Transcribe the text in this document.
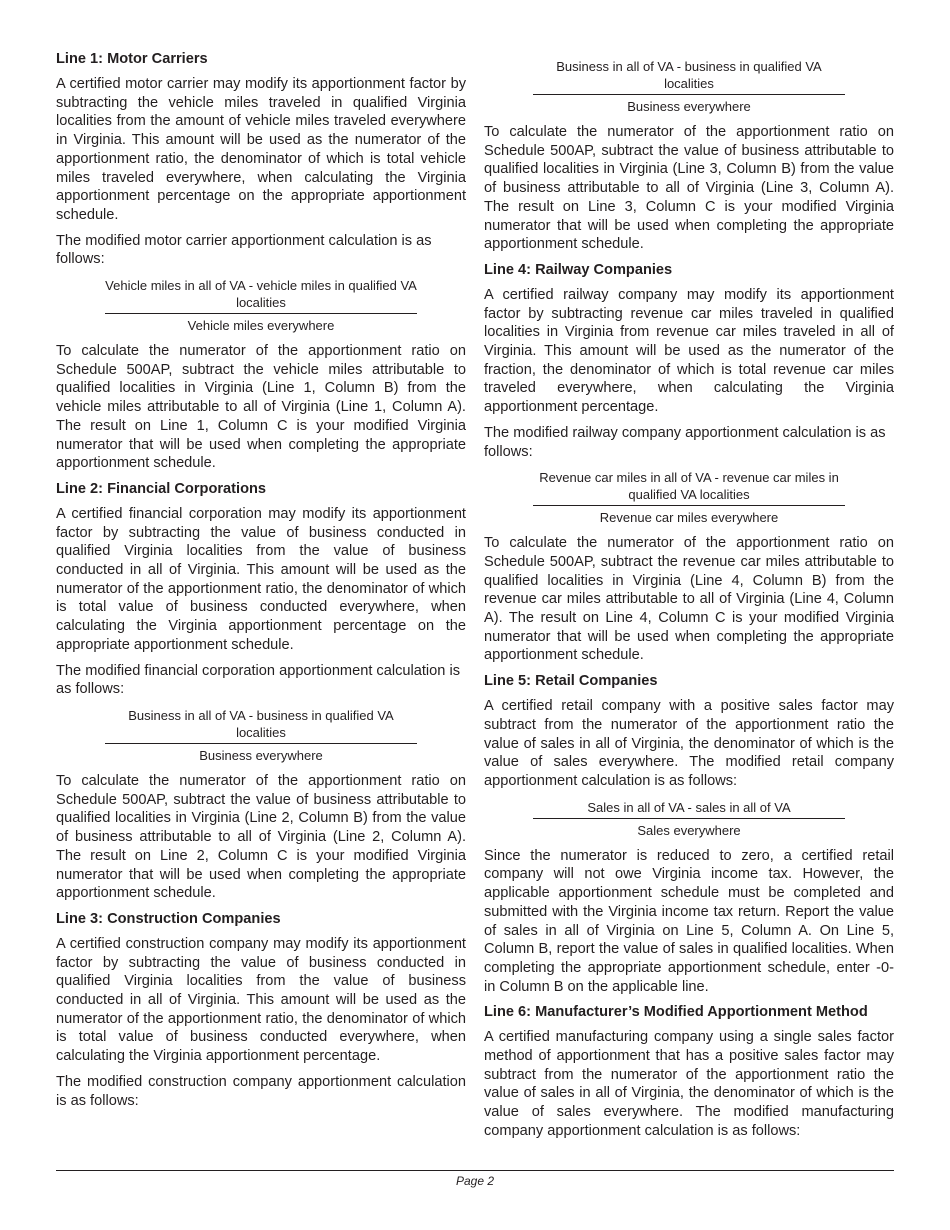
Line 1: Motor Carriers

A certified motor carrier may modify its apportionment factor by subtracting the vehicle miles traveled in qualified Virginia localities from the amount of vehicle miles traveled everywhere in Virginia. This amount will be used as the numerator of the apportionment ratio, the denominator of which is total vehicle miles traveled everywhere, when calculating the Virginia apportionment percentage on the appropriate apportionment schedule.

The modified motor carrier apportionment calculation is as follows:

Vehicle miles in all of VA - vehicle miles in qualified VA localities
Vehicle miles everywhere

To calculate the numerator of the apportionment ratio on Schedule 500AP, subtract the vehicle miles attributable to qualified localities in Virginia (Line 1, Column B) from the vehicle miles attributable to all of Virginia (Line 1, Column A). The result on Line 1, Column C is your modified Virginia numerator that will be used when completing the appropriate apportionment schedule.

Line 2: Financial Corporations

A certified financial corporation may modify its apportionment factor by subtracting the value of business conducted in qualified Virginia localities from the value of business conducted in all of Virginia. This amount will be used as the numerator of the apportionment ratio, the denominator of which is total value of business conducted everywhere, when calculating the Virginia apportionment percentage on the appropriate apportionment schedule.

The modified financial corporation apportionment calculation is as follows:

Business in all of VA - business in qualified VA localities
Business everywhere

To calculate the numerator of the apportionment ratio on Schedule 500AP, subtract the value of business attributable to qualified localities in Virginia (Line 2, Column B) from the value of business attributable to all of Virginia (Line 2, Column A). The result on Line 2, Column C is your modified Virginia numerator that will be used when completing the appropriate apportionment schedule.

Line 3: Construction Companies

A certified construction company may modify its apportionment factor by subtracting the value of business conducted in qualified Virginia localities from the value of business conducted in all of Virginia. This amount will be used as the numerator of the apportionment ratio, the denominator of which is total value of business conducted everywhere, when calculating the Virginia apportionment percentage.

The modified construction company apportionment calculation is as follows:

Business in all of VA - business in qualified VA localities
Business everywhere

To calculate the numerator of the apportionment ratio on Schedule 500AP, subtract the value of business attributable to qualified localities in Virginia (Line 3, Column B) from the value of business attributable to all of Virginia (Line 3, Column A). The result on Line 3, Column C is your modified Virginia numerator that will be used when completing the appropriate apportionment schedule.

Line 4: Railway Companies

A certified railway company may modify its apportionment factor by subtracting revenue car miles traveled in qualified localities in Virginia from revenue car miles traveled in all of Virginia. This amount will be used as the numerator of the fraction, the denominator of which is total revenue car miles traveled everywhere, when calculating the Virginia apportionment percentage.

The modified railway company apportionment calculation is as follows:

Revenue car miles in all of VA - revenue car miles in qualified VA localities
Revenue car miles everywhere

To calculate the numerator of the apportionment ratio on Schedule 500AP, subtract the revenue car miles attributable to qualified localities in Virginia (Line 4, Column B) from the revenue car miles attributable to all of Virginia (Line 4, Column A). The result on Line 4, Column C is your modified Virginia numerator that will be used when completing the appropriate apportionment schedule.

Line 5: Retail Companies

A certified retail company with a positive sales factor may subtract from the numerator of the apportionment ratio the value of sales in all of Virginia, the denominator of which is the value of sales everywhere. The modified retail company apportionment calculation is as follows:

Sales in all of VA - sales in all of VA
Sales everywhere

Since the numerator is reduced to zero, a certified retail company will not owe Virginia income tax. However, the applicable apportionment schedule must be completed and submitted with the Virginia income tax return. Report the value of sales in all of Virginia on Line 5, Column A. On Line 5, Column B, report the value of sales in qualified localities. When completing the appropriate apportionment schedule, enter -0- in Column B on the applicable line.

Line 6: Manufacturer’s Modified Apportionment Method

A certified manufacturing company using a single sales factor method of apportionment that has a positive sales factor may subtract from the numerator of the apportionment ratio the value of sales in all of Virginia, the denominator of which is the value of sales everywhere. The modified manufacturing company apportionment calculation is as follows:

Page 2
